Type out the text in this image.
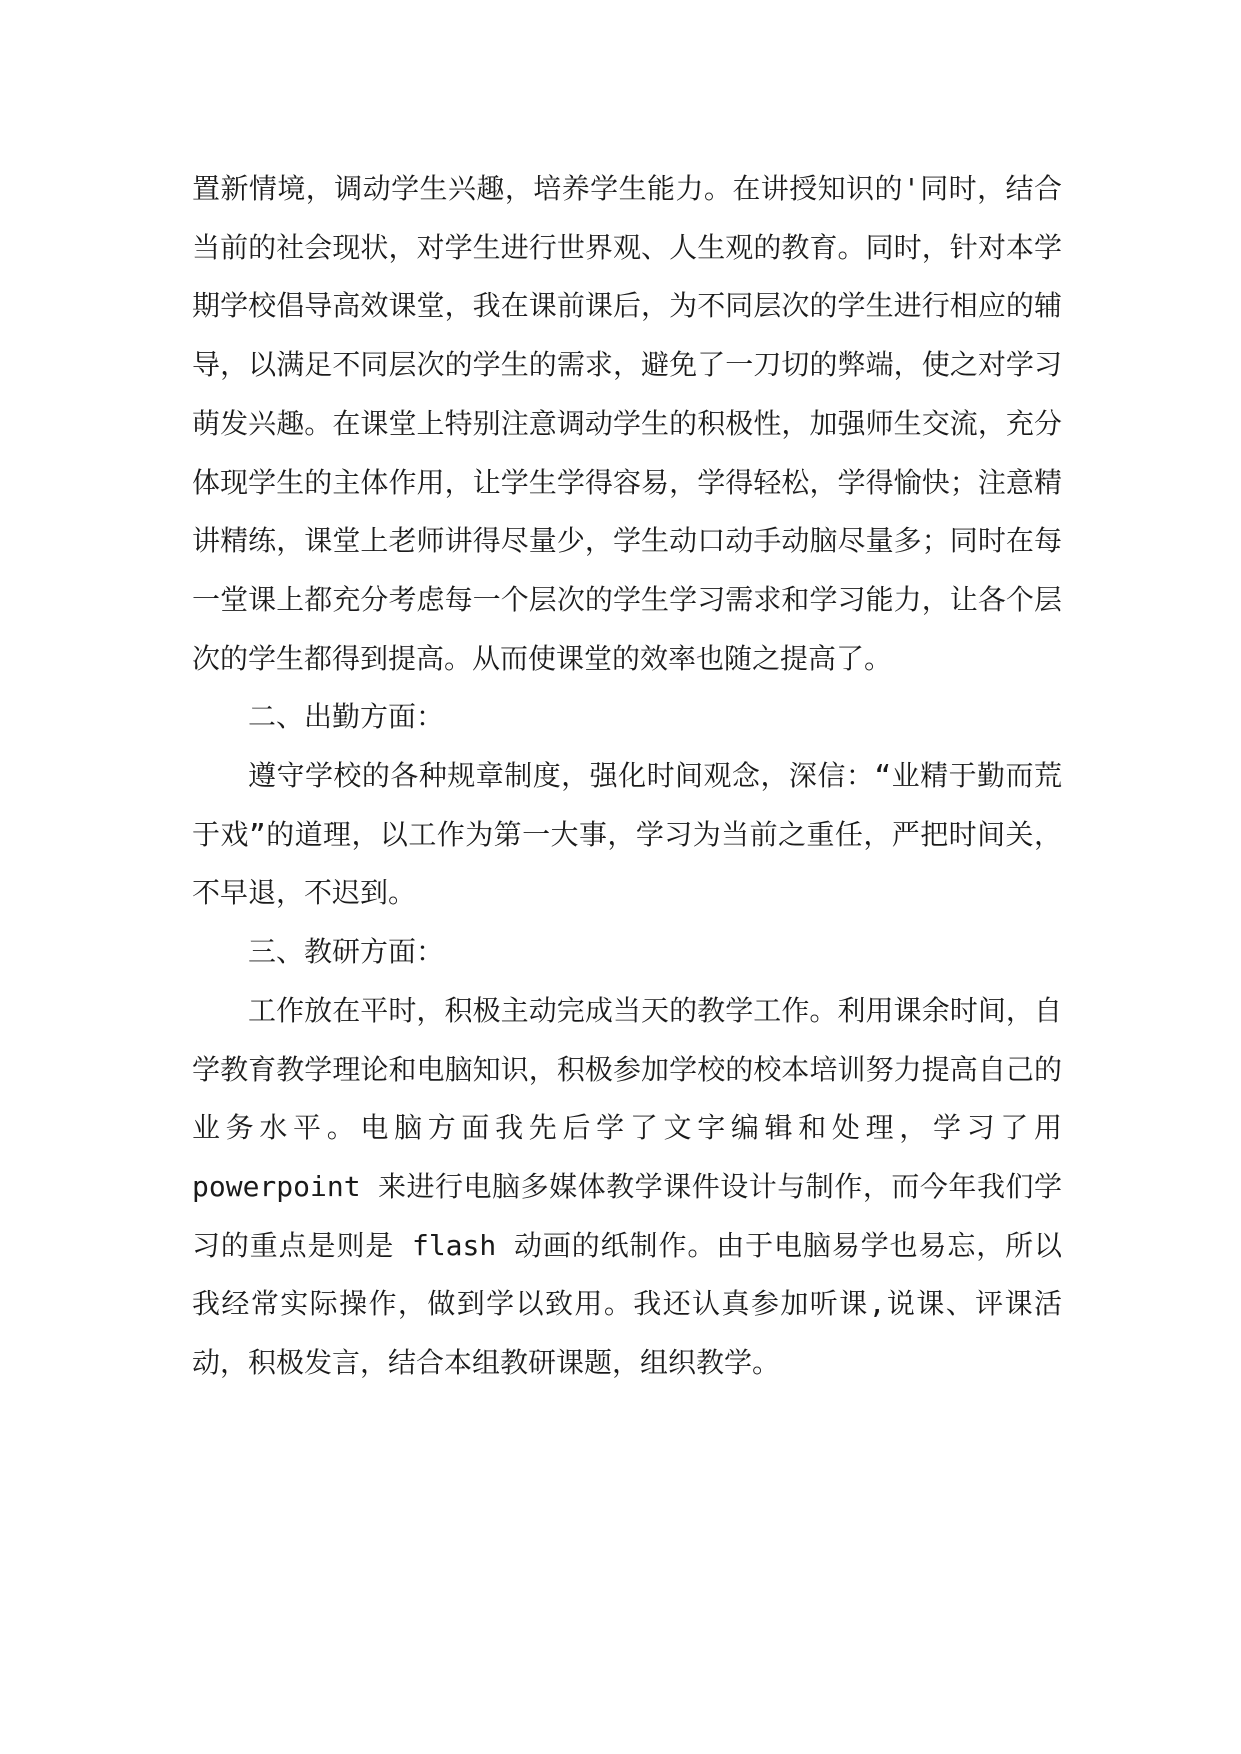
置新情境，调动学生兴趣，培养学生能力。在讲授知识的'同时，结合当前的社会现状，对学生进行世界观、人生观的教育。同时，针对本学期学校倡导高效课堂，我在课前课后，为不同层次的学生进行相应的辅导，以满足不同层次的学生的需求，避免了一刀切的弊端，使之对学习萌发兴趣。在课堂上特别注意调动学生的积极性，加强师生交流，充分体现学生的主体作用，让学生学得容易，学得轻松，学得愉快；注意精讲精练，课堂上老师讲得尽量少，学生动口动手动脑尽量多；同时在每一堂课上都充分考虑每一个层次的学生学习需求和学习能力，让各个层次的学生都得到提高。从而使课堂的效率也随之提高了。

二、出勤方面：

遵守学校的各种规章制度，强化时间观念，深信：“业精于勤而荒于戏”的道理，以工作为第一大事，学习为当前之重任，严把时间关，不早退，不迟到。

三、教研方面：

工作放在平时，积极主动完成当天的教学工作。利用课余时间，自学教育教学理论和电脑知识，积极参加学校的校本培训努力提高自己的业务水平。电脑方面我先后学了文字编辑和处理，学习了用 powerpoint 来进行电脑多媒体教学课件设计与制作，而今年我们学习的重点是则是 flash 动画的纸制作。由于电脑易学也易忘，所以我经常实际操作，做到学以致用。我还认真参加听课,说课、评课活动，积极发言，结合本组教研课题，组织教学。
